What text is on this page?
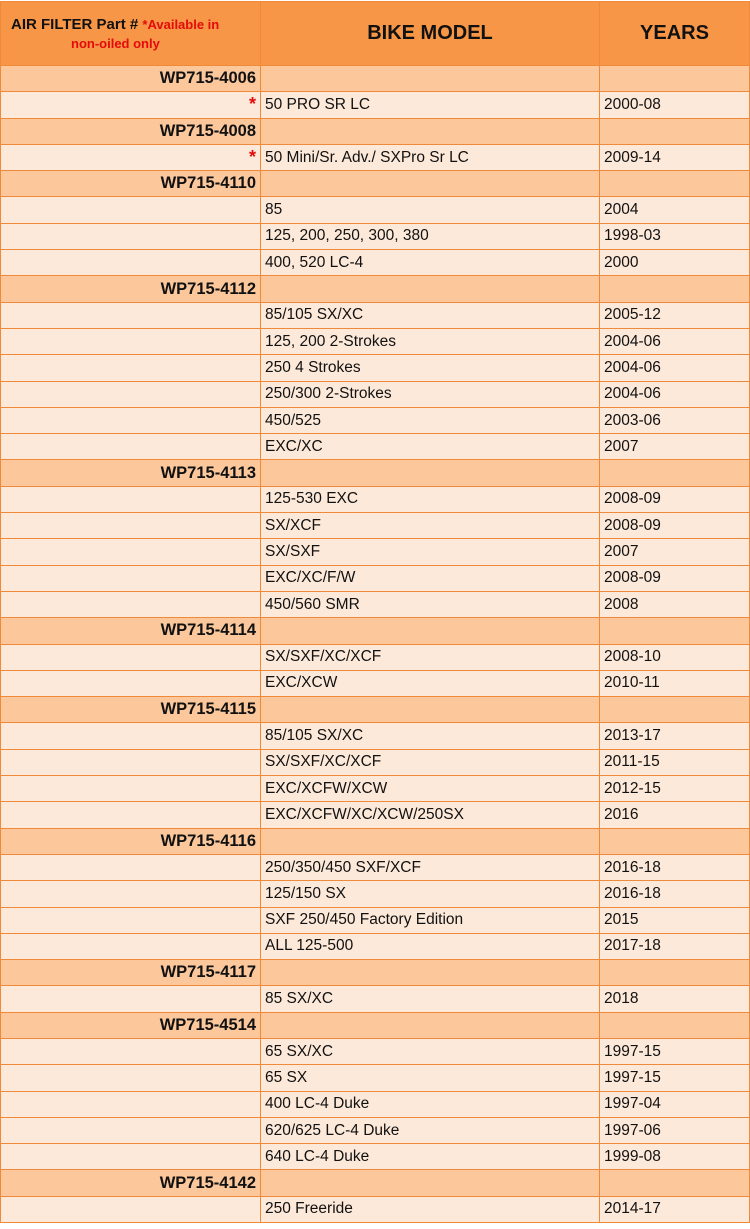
AIR FILTER Part # *Available in
non-oiled only	BIKE MODEL	YEARS
WP715-4006		
*	50 PRO SR LC	2000-08
WP715-4008		
*	50 Mini/Sr. Adv./ SXPro Sr LC	2009-14
WP715-4110		
	85	2004
	125, 200, 250, 300, 380	1998-03
	400, 520 LC-4	2000
WP715-4112		
	85/105 SX/XC	2005-12
	125, 200 2-Strokes	2004-06
	250 4 Strokes	2004-06
	250/300 2-Strokes	2004-06
	450/525	2003-06
	EXC/XC	2007
WP715-4113		
	125-530 EXC	2008-09
	SX/XCF	2008-09
	SX/SXF	2007
	EXC/XC/F/W	2008-09
	450/560 SMR	2008
WP715-4114		
	SX/SXF/XC/XCF	2008-10
	EXC/XCW	2010-11
WP715-4115		
	85/105 SX/XC	2013-17
	SX/SXF/XC/XCF	2011-15
	EXC/XCFW/XCW	2012-15
	EXC/XCFW/XC/XCW/250SX	2016
WP715-4116		
	250/350/450 SXF/XCF	2016-18
	125/150 SX	2016-18
	SXF 250/450 Factory Edition	2015
	ALL 125-500	2017-18
WP715-4117		
	85 SX/XC	2018
WP715-4514		
	65 SX/XC	1997-15
	65 SX	1997-15
	400 LC-4 Duke	1997-04
	620/625 LC-4 Duke	1997-06
	640 LC-4 Duke	1999-08
WP715-4142		
	250 Freeride	2014-17
